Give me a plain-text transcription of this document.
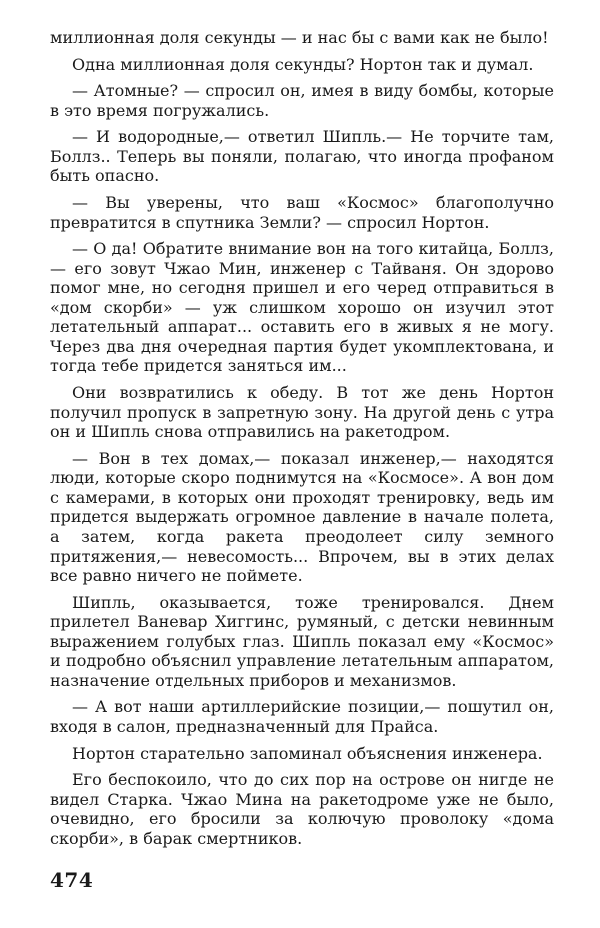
миллионная доля секунды — и нас бы с вами как не было!

Одна миллионная доля секунды? Нортон так и думал.

— Атомные? — спросил он, имея в виду бомбы, которые в это время погружались.

— И водородные,— ответил Шипль.— Не торчите там, Боллз.. Теперь вы поняли, полагаю, что иногда профаном быть опасно.

— Вы уверены, что ваш «Космос» благополучно превратится в спутника Земли? — спросил Нортон.

— О да! Обратите внимание вон на того китайца, Боллз,— его зовут Чжао Мин, инженер с Тайваня. Он здорово помог мне, но сегодня пришел и его черед отправиться в «дом скорби» — уж слишком хорошо он изучил этот летательный аппарат... оставить его в живых я не могу. Через два дня очередная партия будет укомплектована, и тогда тебе придется заняться им...

Они возвратились к обеду. В тот же день Нортон получил пропуск в запретную зону. На другой день с утра он и Шипль снова отправились на ракетодром.

— Вон в тех домах,— показал инженер,— находятся люди, которые скоро поднимутся на «Космосе». А вон дом с камерами, в которых они проходят тренировку, ведь им придется выдержать огромное давление в начале полета, а затем, когда ракета преодолеет силу земного притяжения,— невесомость... Впрочем, вы в этих делах все равно ничего не поймете.

Шипль, оказывается, тоже тренировался. Днем прилетел Ваневар Хиггинс, румяный, с детски невинным выражением голубых глаз. Шипль показал ему «Космос» и подробно объяснил управление летательным аппаратом, назначение отдельных приборов и механизмов.

— А вот наши артиллерийские позиции,— пошутил он, входя в салон, предназначенный для Прайса.

Нортон старательно запоминал объяснения инженера.

Его беспокоило, что до сих пор на острове он нигде не видел Старка. Чжао Мина на ракетодроме уже не было, очевидно, его бросили за колючую проволоку «дома скорби», в барак смертников.

474
